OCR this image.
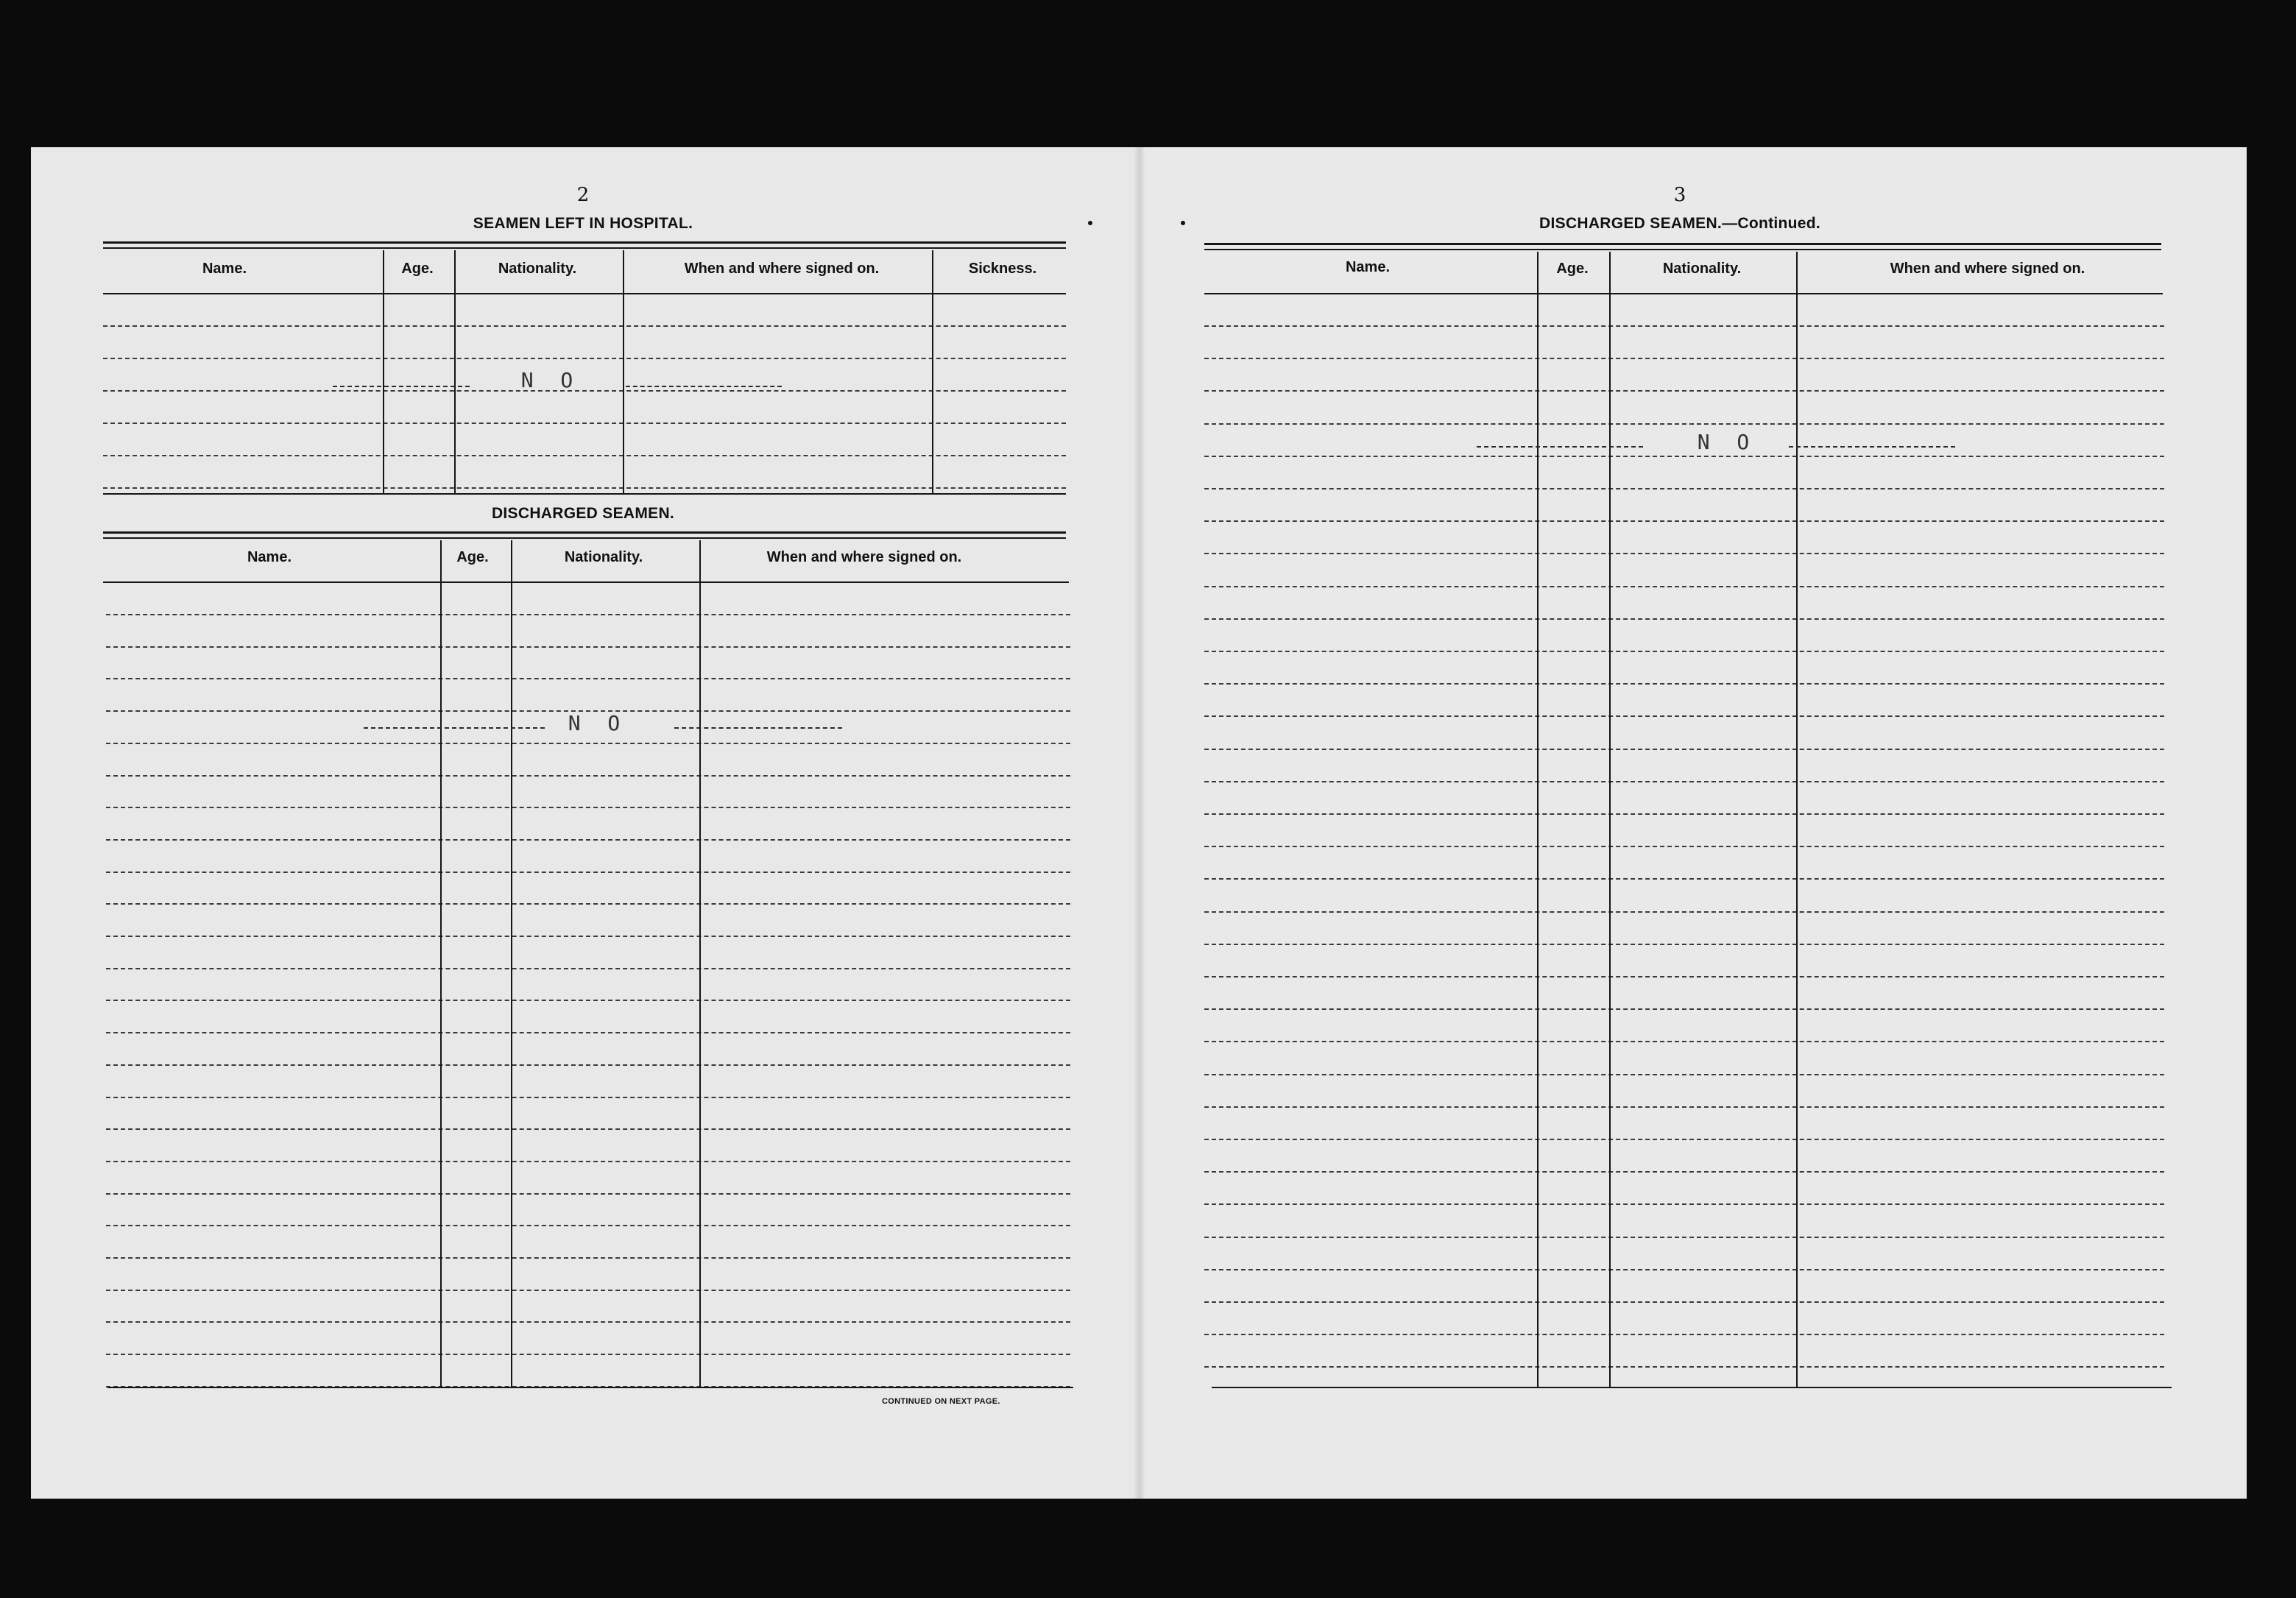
2
SEAMEN LEFT IN HOSPITAL.
Name.	Age.	Nationality.	When and where signed on.	Sickness.
N O
DISCHARGED SEAMEN.
Name.	Age.	Nationality.	When and where signed on.
N O
CONTINUED ON NEXT PAGE.
3
DISCHARGED SEAMEN.—Continued.
Name.	Age.	Nationality.	When and where signed on.
N O
